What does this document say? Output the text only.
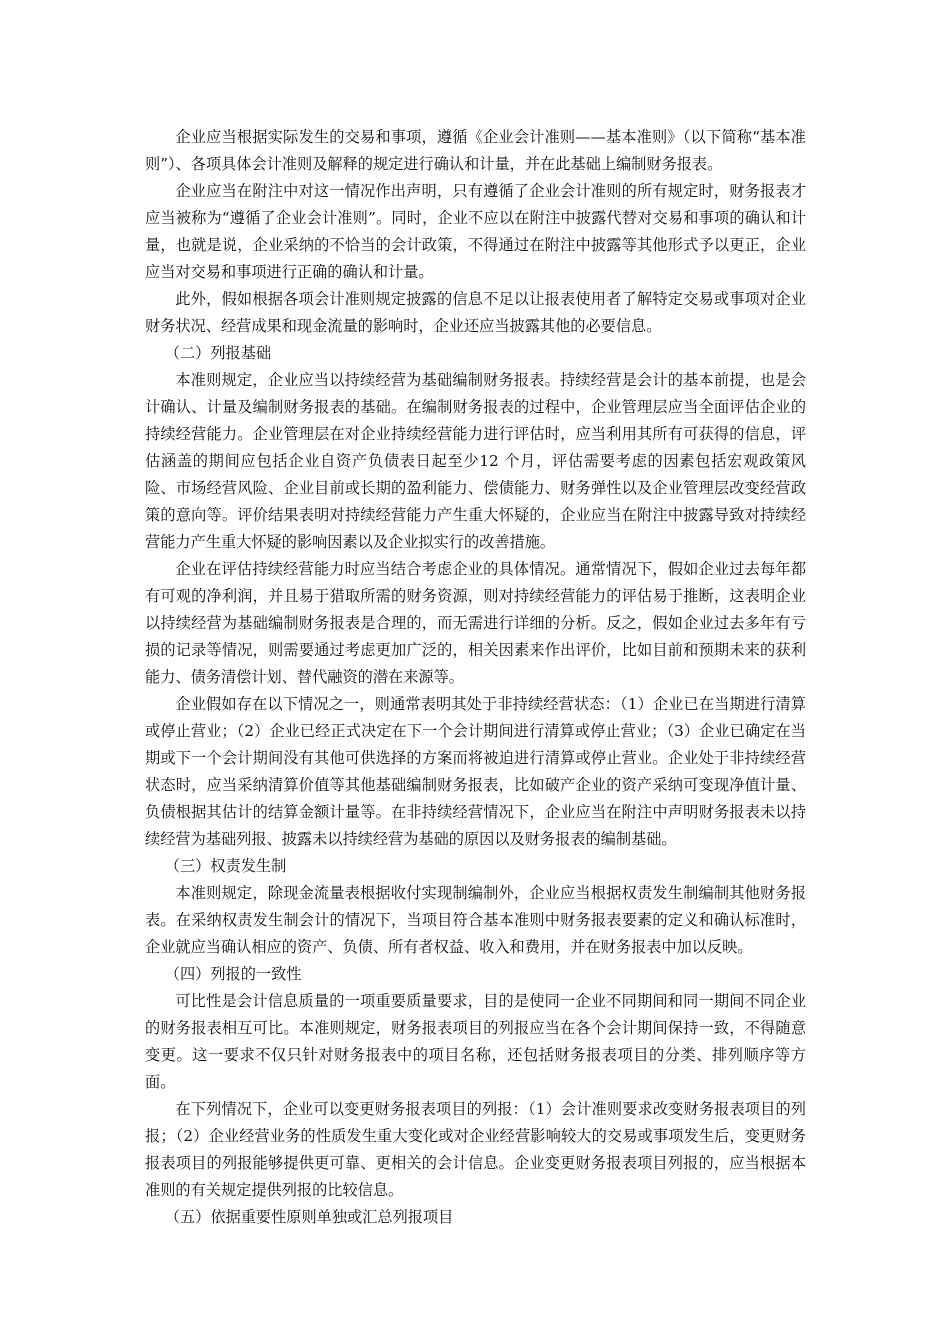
企业应当根据实际发生的交易和事项，遵循《企业会计准则——基本准则》（以下简称“基本准则”）、各项具体会计准则及解释的规定进行确认和计量，并在此基础上编制财务报表。

企业应当在附注中对这一情况作出声明，只有遵循了企业会计准则的所有规定时，财务报表才应当被称为“遵循了企业会计准则”。同时，企业不应以在附注中披露代替对交易和事项的确认和计量，也就是说，企业采纳的不恰当的会计政策，不得通过在附注中披露等其他形式予以更正，企业应当对交易和事项进行正确的确认和计量。

此外，假如根据各项会计准则规定披露的信息不足以让报表使用者了解特定交易或事项对企业财务状况、经营成果和现金流量的影响时，企业还应当披露其他的必要信息。

（二）列报基础

本准则规定，企业应当以持续经营为基础编制财务报表。持续经营是会计的基本前提，也是会计确认、计量及编制财务报表的基础。在编制财务报表的过程中，企业管理层应当全面评估企业的持续经营能力。企业管理层在对企业持续经营能力进行评估时，应当利用其所有可获得的信息，评估涵盖的期间应包括企业自资产负债表日起至少12 个月，评估需要考虑的因素包括宏观政策风险、市场经营风险、企业目前或长期的盈利能力、偿债能力、财务弹性以及企业管理层改变经营政策的意向等。评价结果表明对持续经营能力产生重大怀疑的，企业应当在附注中披露导致对持续经营能力产生重大怀疑的影响因素以及企业拟实行的改善措施。

企业在评估持续经营能力时应当结合考虑企业的具体情况。通常情况下，假如企业过去每年都有可观的净利润，并且易于猎取所需的财务资源，则对持续经营能力的评估易于推断，这表明企业以持续经营为基础编制财务报表是合理的，而无需进行详细的分析。反之，假如企业过去多年有亏损的记录等情况，则需要通过考虑更加广泛的，相关因素来作出评价，比如目前和预期未来的获利能力、债务清偿计划、替代融资的潜在来源等。

企业假如存在以下情况之一，则通常表明其处于非持续经营状态：（1）企业已在当期进行清算或停止营业；（2）企业已经正式决定在下一个会计期间进行清算或停止营业；（3）企业已确定在当期或下一个会计期间没有其他可供选择的方案而将被迫进行清算或停止营业。企业处于非持续经营状态时，应当采纳清算价值等其他基础编制财务报表，比如破产企业的资产采纳可变现净值计量、负债根据其估计的结算金额计量等。在非持续经营情况下，企业应当在附注中声明财务报表未以持续经营为基础列报、披露未以持续经营为基础的原因以及财务报表的编制基础。

（三）权责发生制

本准则规定，除现金流量表根据收付实现制编制外，企业应当根据权责发生制编制其他财务报表。在采纳权责发生制会计的情况下，当项目符合基本准则中财务报表要素的定义和确认标准时，企业就应当确认相应的资产、负债、所有者权益、收入和费用，并在财务报表中加以反映。

（四）列报的一致性

可比性是会计信息质量的一项重要质量要求，目的是使同一企业不同期间和同一期间不同企业的财务报表相互可比。本准则规定，财务报表项目的列报应当在各个会计期间保持一致，不得随意变更。这一要求不仅只针对财务报表中的项目名称，还包括财务报表项目的分类、排列顺序等方面。

在下列情况下，企业可以变更财务报表项目的列报：（1）会计准则要求改变财务报表项目的列报；（2）企业经营业务的性质发生重大变化或对企业经营影响较大的交易或事项发生后，变更财务报表项目的列报能够提供更可靠、更相关的会计信息。企业变更财务报表项目列报的，应当根据本准则的有关规定提供列报的比较信息。

（五）依据重要性原则单独或汇总列报项目
